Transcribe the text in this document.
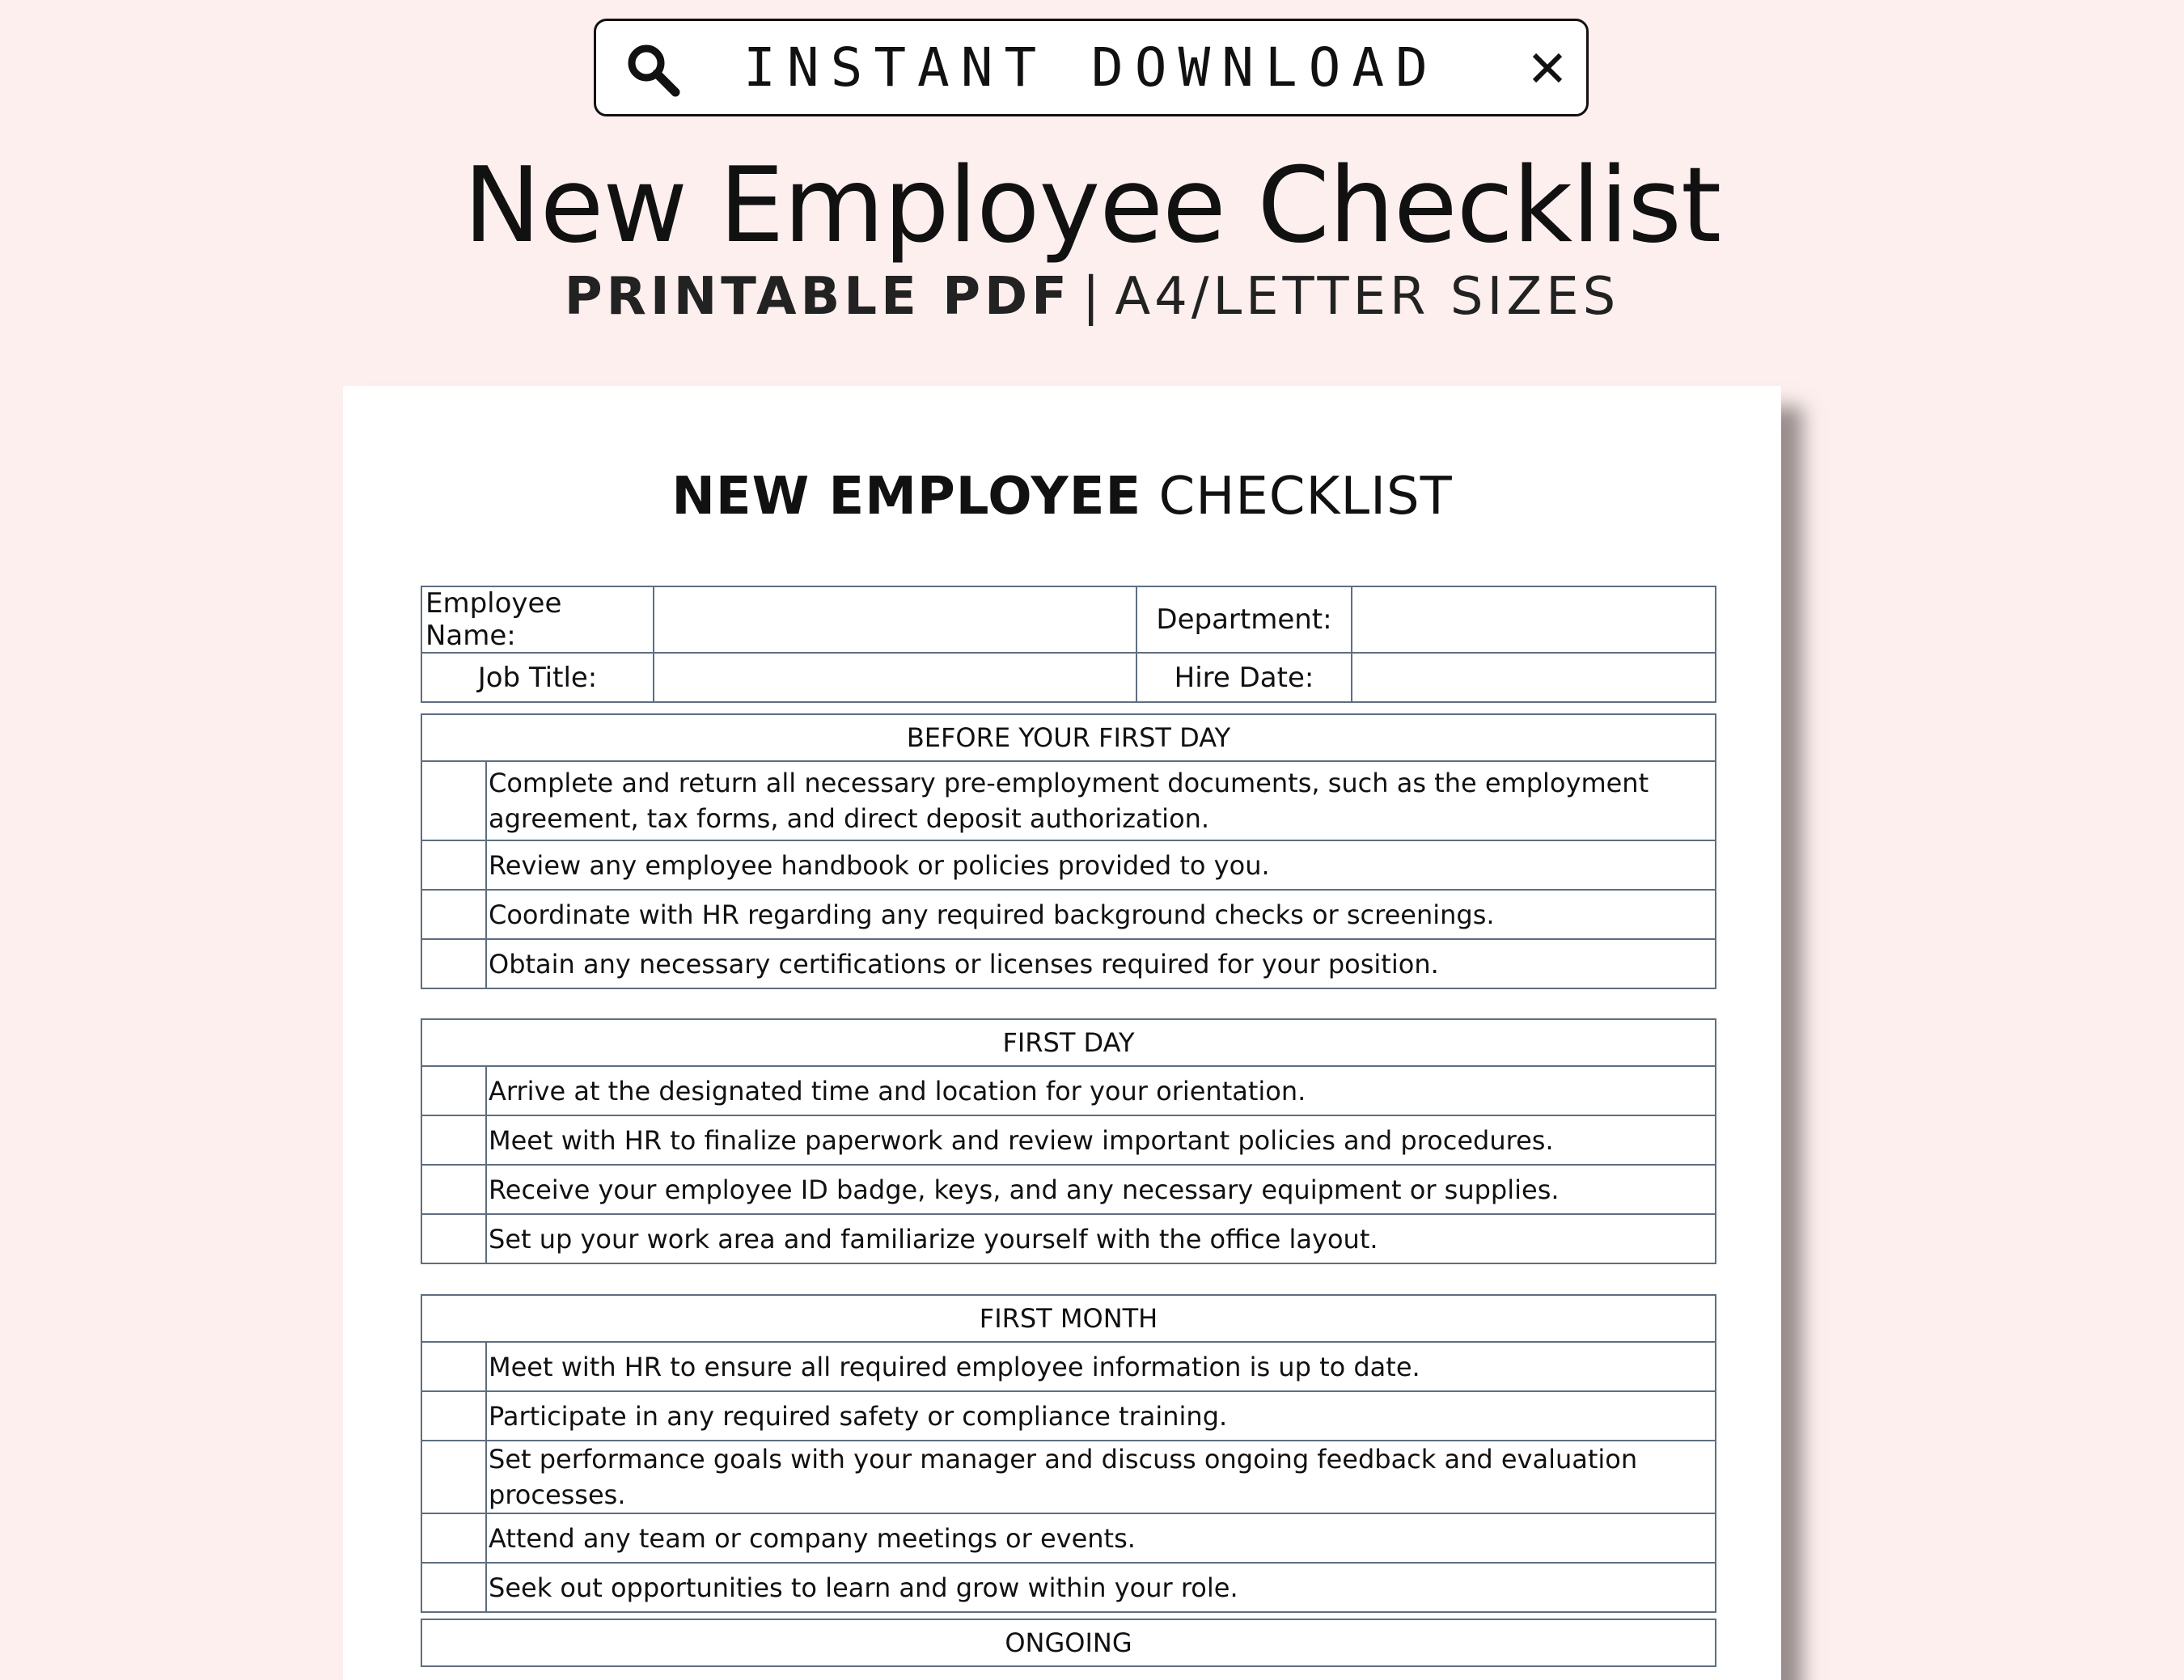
INSTANT DOWNLOAD
New Employee Checklist
PRINTABLE PDF | A4/LETTER SIZES
NEW EMPLOYEE CHECKLIST
Employee Name:		Department:	
Job Title:		Hire Date:	
BEFORE YOUR FIRST DAY	
	Complete and return all necessary pre-employment documents, such as the employment agreement, tax forms, and direct deposit authorization.
	Review any employee handbook or policies provided to you.
	Coordinate with HR regarding any required background checks or screenings.
	Obtain any necessary certifications or licenses required for your position.
FIRST DAY	
	Arrive at the designated time and location for your orientation.
	Meet with HR to finalize paperwork and review important policies and procedures.
	Receive your employee ID badge, keys, and any necessary equipment or supplies.
	Set up your work area and familiarize yourself with the office layout.
FIRST MONTH	
	Meet with HR to ensure all required employee information is up to date.
	Participate in any required safety or compliance training.
	Set performance goals with your manager and discuss ongoing feedback and evaluation processes.
	Attend any team or company meetings or events.
	Seek out opportunities to learn and grow within your role.
ONGOING
